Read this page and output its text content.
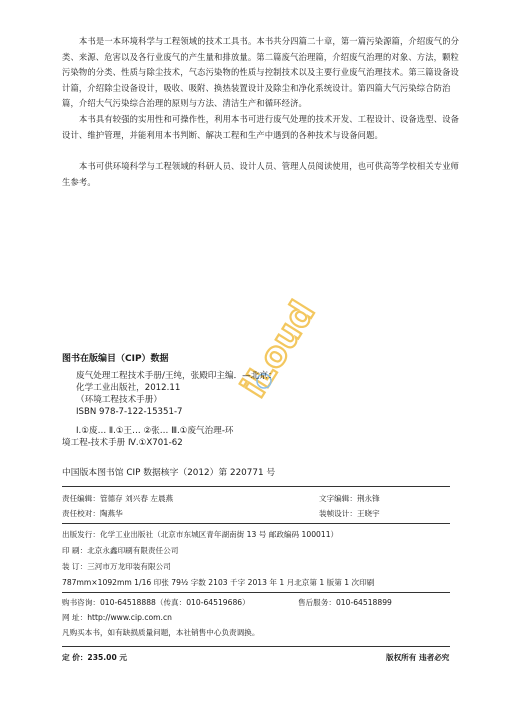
本书是一本环境科学与工程领域的技术工具书。本书共分四篇二十章，第一篇污染源篇，介绍废气的分类、来源、危害以及各行业废气的产生量和排放量。第二篇废气治理篇，介绍废气治理的对象、方法，颗粒污染物的分类、性质与除尘技术，气态污染物的性质与控制技术以及主要行业废气治理技术。第三篇设备设计篇，介绍除尘设备设计，吸收、吸附、换热装置设计及除尘和净化系统设计。第四篇大气污染综合防治篇，介绍大气污染综合治理的原则与方法、清洁生产和循环经济。
本书具有较强的实用性和可操作性，利用本书可进行废气处理的技术开发、工程设计、设备选型、设备设计、维护管理，并能利用本书判断、解决工程和生产中遇到的各种技术与设备问题。
本书可供环境科学与工程领域的科研人员、设计人员、管理人员阅读使用，也可供高等学校相关专业师生参考。
iLoud
图书在版编目（CIP）数据
废气处理工程技术手册/王纯，张殿印主编．—北京：
化学工业出版社，2012.11
（环境工程技术手册）
ISBN 978-7-122-15351-7
Ⅰ.①废… Ⅱ.①王… ②张… Ⅲ.①废气治理-环
境工程-技术手册 Ⅳ.①X701-62
中国版本图书馆 CIP 数据核字（2012）第 220771 号
责任编辑：管德存 刘兴春 左晨燕	文字编辑：荆永锋
责任校对：陶燕华	装帧设计：王晓宇
出版发行：化学工业出版社（北京市东城区青年湖南街 13 号 邮政编码 100011）
印 刷：北京永鑫印刷有限责任公司
装 订：三河市万龙印装有限公司
787mm×1092mm 1/16 印张 79½ 字数 2103 千字 2013 年 1 月北京第 1 版第 1 次印刷
购书咨询：010-64518888（传真：010-64519686）	售后服务：010-64518899
网 址：http://www.cip.com.cn
凡购买本书，如有缺损质量问题，本社销售中心负责调换。
定 价：235.00 元	版权所有 违者必究
